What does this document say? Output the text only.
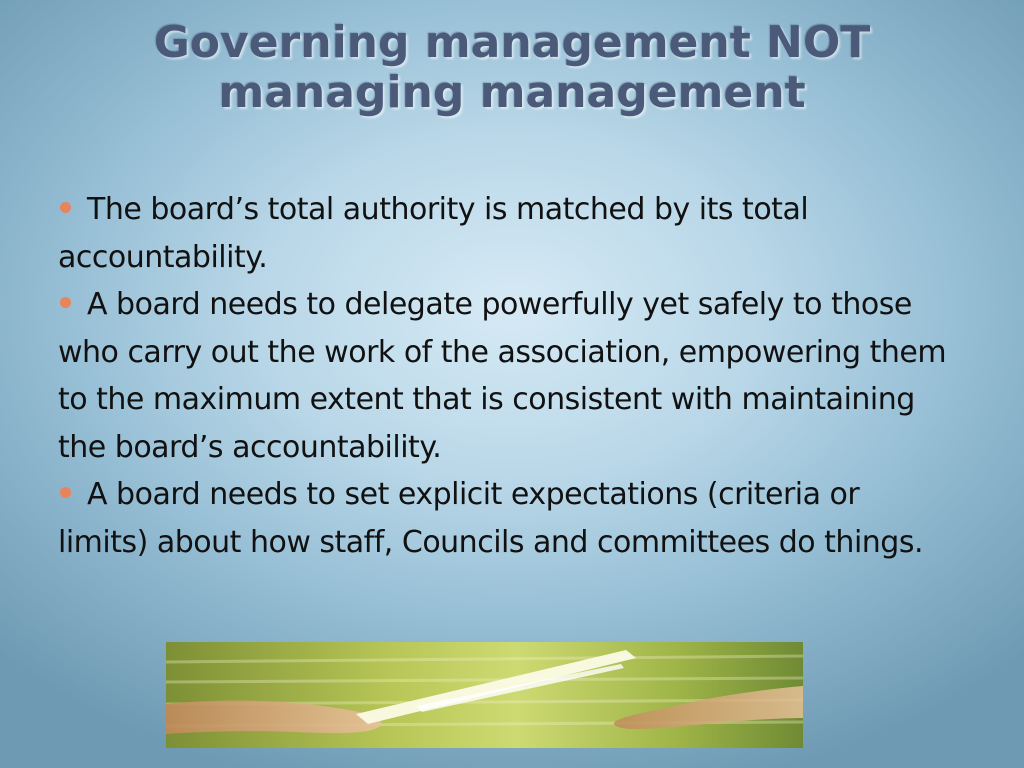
Governing management NOT
managing management
The board’s total authority is matched by its total accountability.
A board needs to delegate powerfully yet safely to those who carry out the work of the association, empowering them to the maximum extent that is consistent with maintaining the board’s accountability.
A board needs to set explicit expectations (criteria or limits) about how staff, Councils and committees do things.
